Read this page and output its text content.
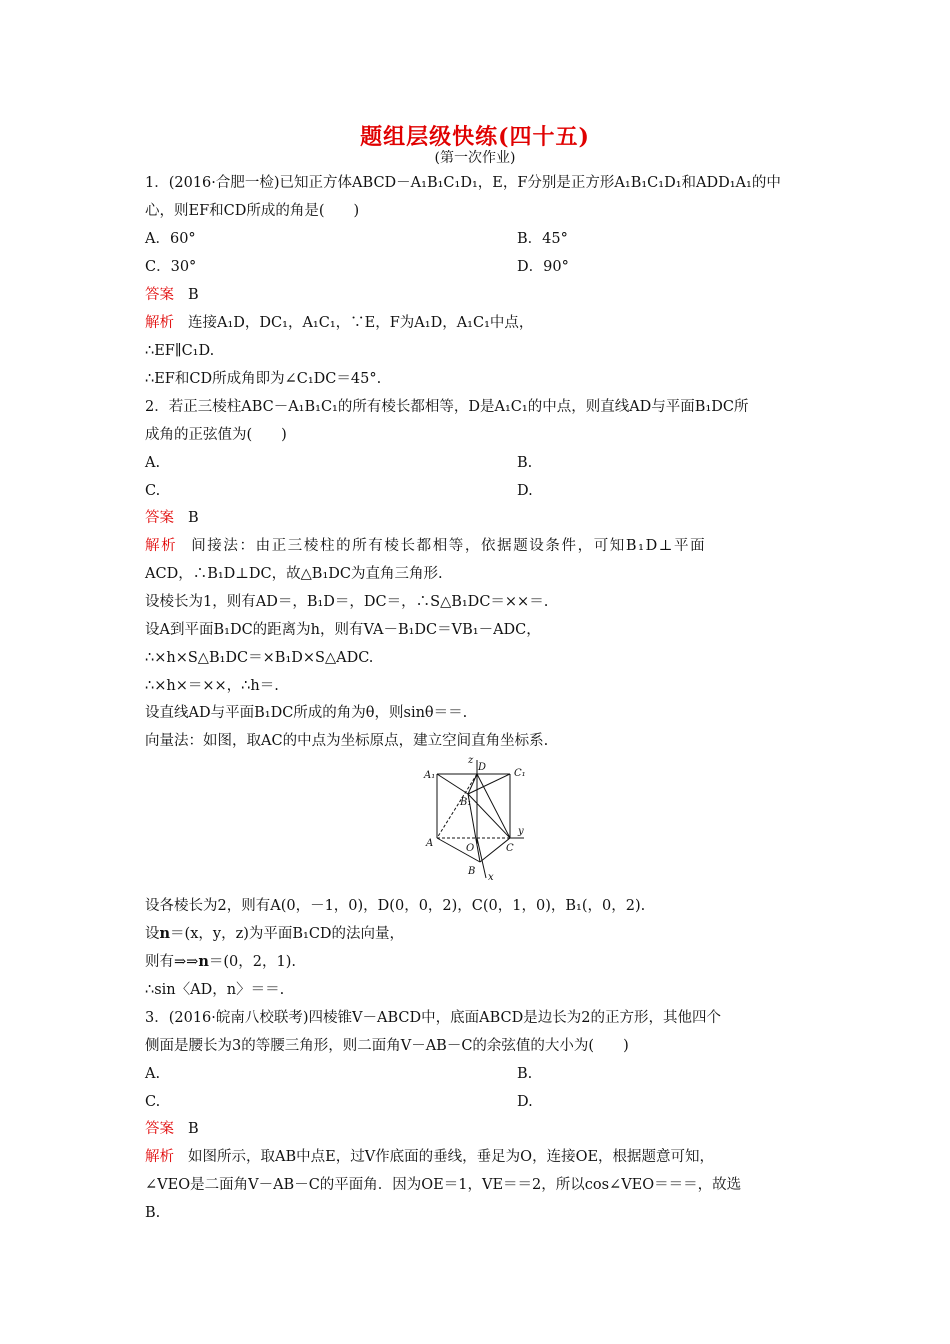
题组层级快练(四十五)
(第一次作业)
1．(2016·合肥一检)已知正方体ABCD－A₁B₁C₁D₁，E，F分别是正方形A₁B₁C₁D₁和ADD₁A₁的中
心，则EF和CD所成的角是(　　)
A．60°	B．45°
C．30°	D．90°
答案 B
解析 连接A₁D，DC₁，A₁C₁，∵E，F为A₁D，A₁C₁中点，
∴EF∥C₁D.
∴EF和CD所成角即为∠C₁DC＝45°.
2．若正三棱柱ABC－A₁B₁C₁的所有棱长都相等，D是A₁C₁的中点，则直线AD与平面B₁DC所
成角的正弦值为(　　)
A.	B.
C.	D.
答案 B
解析 间接法：由正三棱柱的所有棱长都相等，依据题设条件，可知B₁D⊥平面
ACD，∴B₁D⊥DC，故△B₁DC为直角三角形.
设棱长为1，则有AD＝，B₁D＝，DC＝，∴S△B₁DC＝××＝.
设A到平面B₁DC的距离为h，则有VA－B₁DC＝VB₁－ADC，
∴×h×S△B₁DC＝×B₁D×S△ADC.
∴×h×＝××，∴h＝.
设直线AD与平面B₁DC所成的角为θ，则sinθ＝＝.
向量法：如图，取AC的中点为坐标原点，建立空间直角坐标系.
z
D
A₁	C₁
B₁
A	O	C
y
B
x
设各棱长为2，则有A(0，－1，0)，D(0，0，2)，C(0，1，0)，B₁(，0，2).
设n＝(x，y，z)为平面B₁CD的法向量，
则有⇒⇒n＝(0，2，1).
∴sin〈AD，n〉＝＝.
3．(2016·皖南八校联考)四棱锥V－ABCD中，底面ABCD是边长为2的正方形，其他四个
侧面是腰长为3的等腰三角形，则二面角V－AB－C的余弦值的大小为(　　)
A.	B.
C.	D.
答案 B
解析 如图所示，取AB中点E，过V作底面的垂线，垂足为O，连接OE，根据题意可知，
∠VEO是二面角V－AB－C的平面角．因为OE＝1，VE＝＝2，所以cos∠VEO＝＝＝，故选
B.
